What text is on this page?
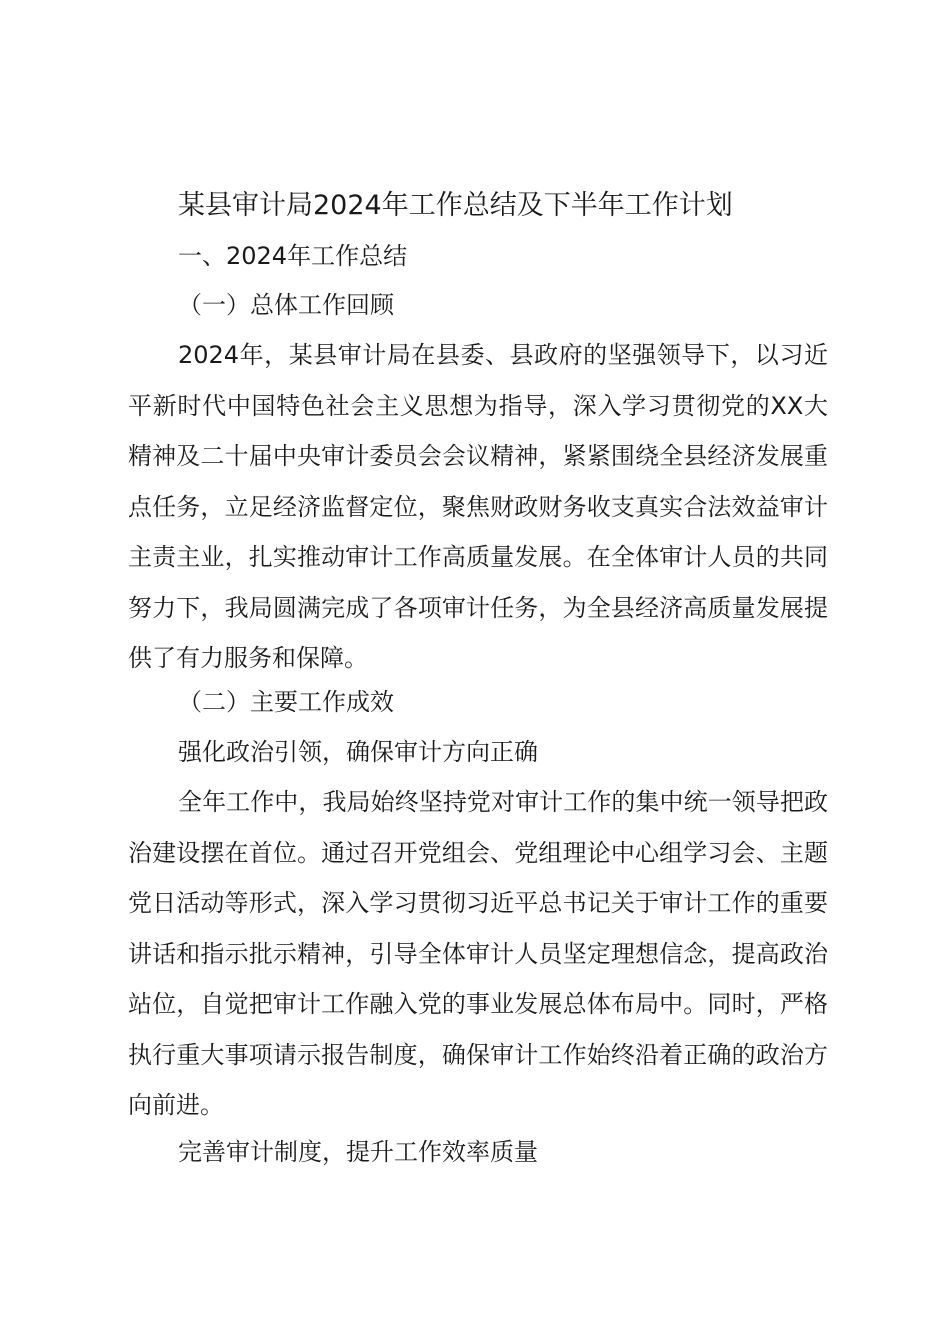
某县审计局2024年工作总结及下半年工作计划

一、2024年工作总结

（一）总体工作回顾

2024年，某县审计局在县委、县政府的坚强领导下，以习近平新时代中国特色社会主义思想为指导，深入学习贯彻党的XX大精神及二十届中央审计委员会会议精神，紧紧围绕全县经济发展重点任务，立足经济监督定位，聚焦财政财务收支真实合法效益审计主责主业，扎实推动审计工作高质量发展。在全体审计人员的共同努力下，我局圆满完成了各项审计任务，为全县经济高质量发展提供了有力服务和保障。

（二）主要工作成效

强化政治引领，确保审计方向正确

全年工作中，我局始终坚持党对审计工作的集中统一领导把政治建设摆在首位。通过召开党组会、党组理论中心组学习会、主题党日活动等形式，深入学习贯彻习近平总书记关于审计工作的重要讲话和指示批示精神，引导全体审计人员坚定理想信念，提高政治站位，自觉把审计工作融入党的事业发展总体布局中。同时，严格执行重大事项请示报告制度，确保审计工作始终沿着正确的政治方向前进。

完善审计制度，提升工作效率质量
